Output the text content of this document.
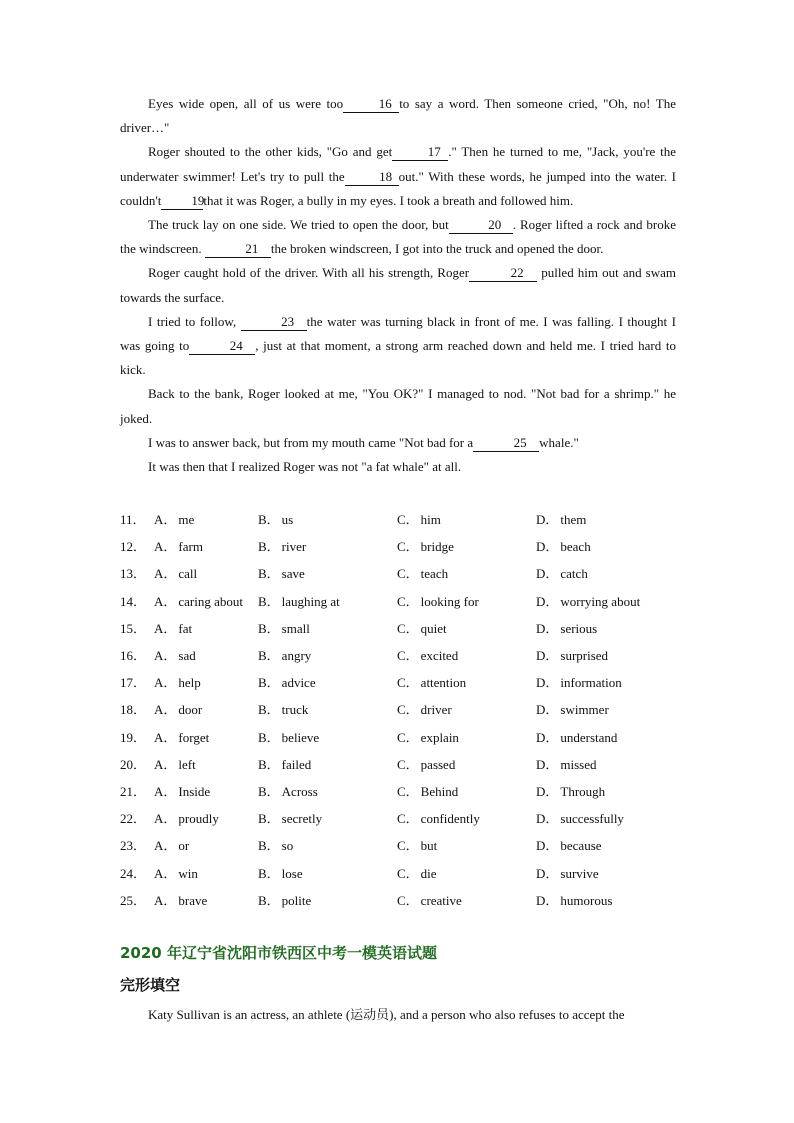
Eyes wide open, all of us were too	16 to say a word. Then someone cried, "Oh, no! The driver…"

Roger shouted to the other kids, "Go and get	17 ." Then he turned to me, "Jack, you're the underwater swimmer! Let's try to pull the	18 out." With these words, he jumped into the water. I couldn't 19that it was Roger, a bully in my eyes. I took a breath and followed him.

The truck lay on one side. We tried to open the door, but	20 . Roger lifted a rock and broke the windscreen.	21 the broken windscreen, I got into the truck and opened the door.

Roger caught hold of the driver. With all his strength, Roger	22 pulled him out and swam towards the surface.

I tried to follow,	23 the water was turning black in front of me. I was falling. I thought I was going to	24 , just at that moment, a strong arm reached down and held me. I tried hard to kick.

Back to the bank, Roger looked at me, "You OK?" I managed to nod. "Not bad for a shrimp." he joked.

I was to answer back, but from my mouth came "Not bad for a	25 whale."

It was then that I realized Roger was not "a fat whale" at all.

11． A． me	B． us	C． him	D． them
12． A． farm	B． river	C． bridge	D． beach
13． A． call	B． save	C． teach	D． catch
14． A． caring about	B． laughing at	C． looking for	D． worrying about
15． A． fat	B． small	C． quiet	D． serious
16． A． sad	B． angry	C． excited	D． surprised
17． A． help	B． advice	C． attention	D． information
18． A． door	B． truck	C． driver	D． swimmer
19． A． forget	B． believe	C． explain	D． understand
20． A． left	B． failed	C． passed	D． missed
21． A． Inside	B． Across	C． Behind	D． Through
22． A． proudly	B． secretly	C． confidently	D． successfully
23． A． or	B． so	C． but	D． because
24． A． win	B． lose	C． die	D． survive
25． A． brave	B． polite	C． creative	D． humorous
2020 年辽宁省沈阳市铁西区中考一模英语试题
完形填空
Katy Sullivan is an actress, an athlete (运动员), and a person who also refuses to accept the
